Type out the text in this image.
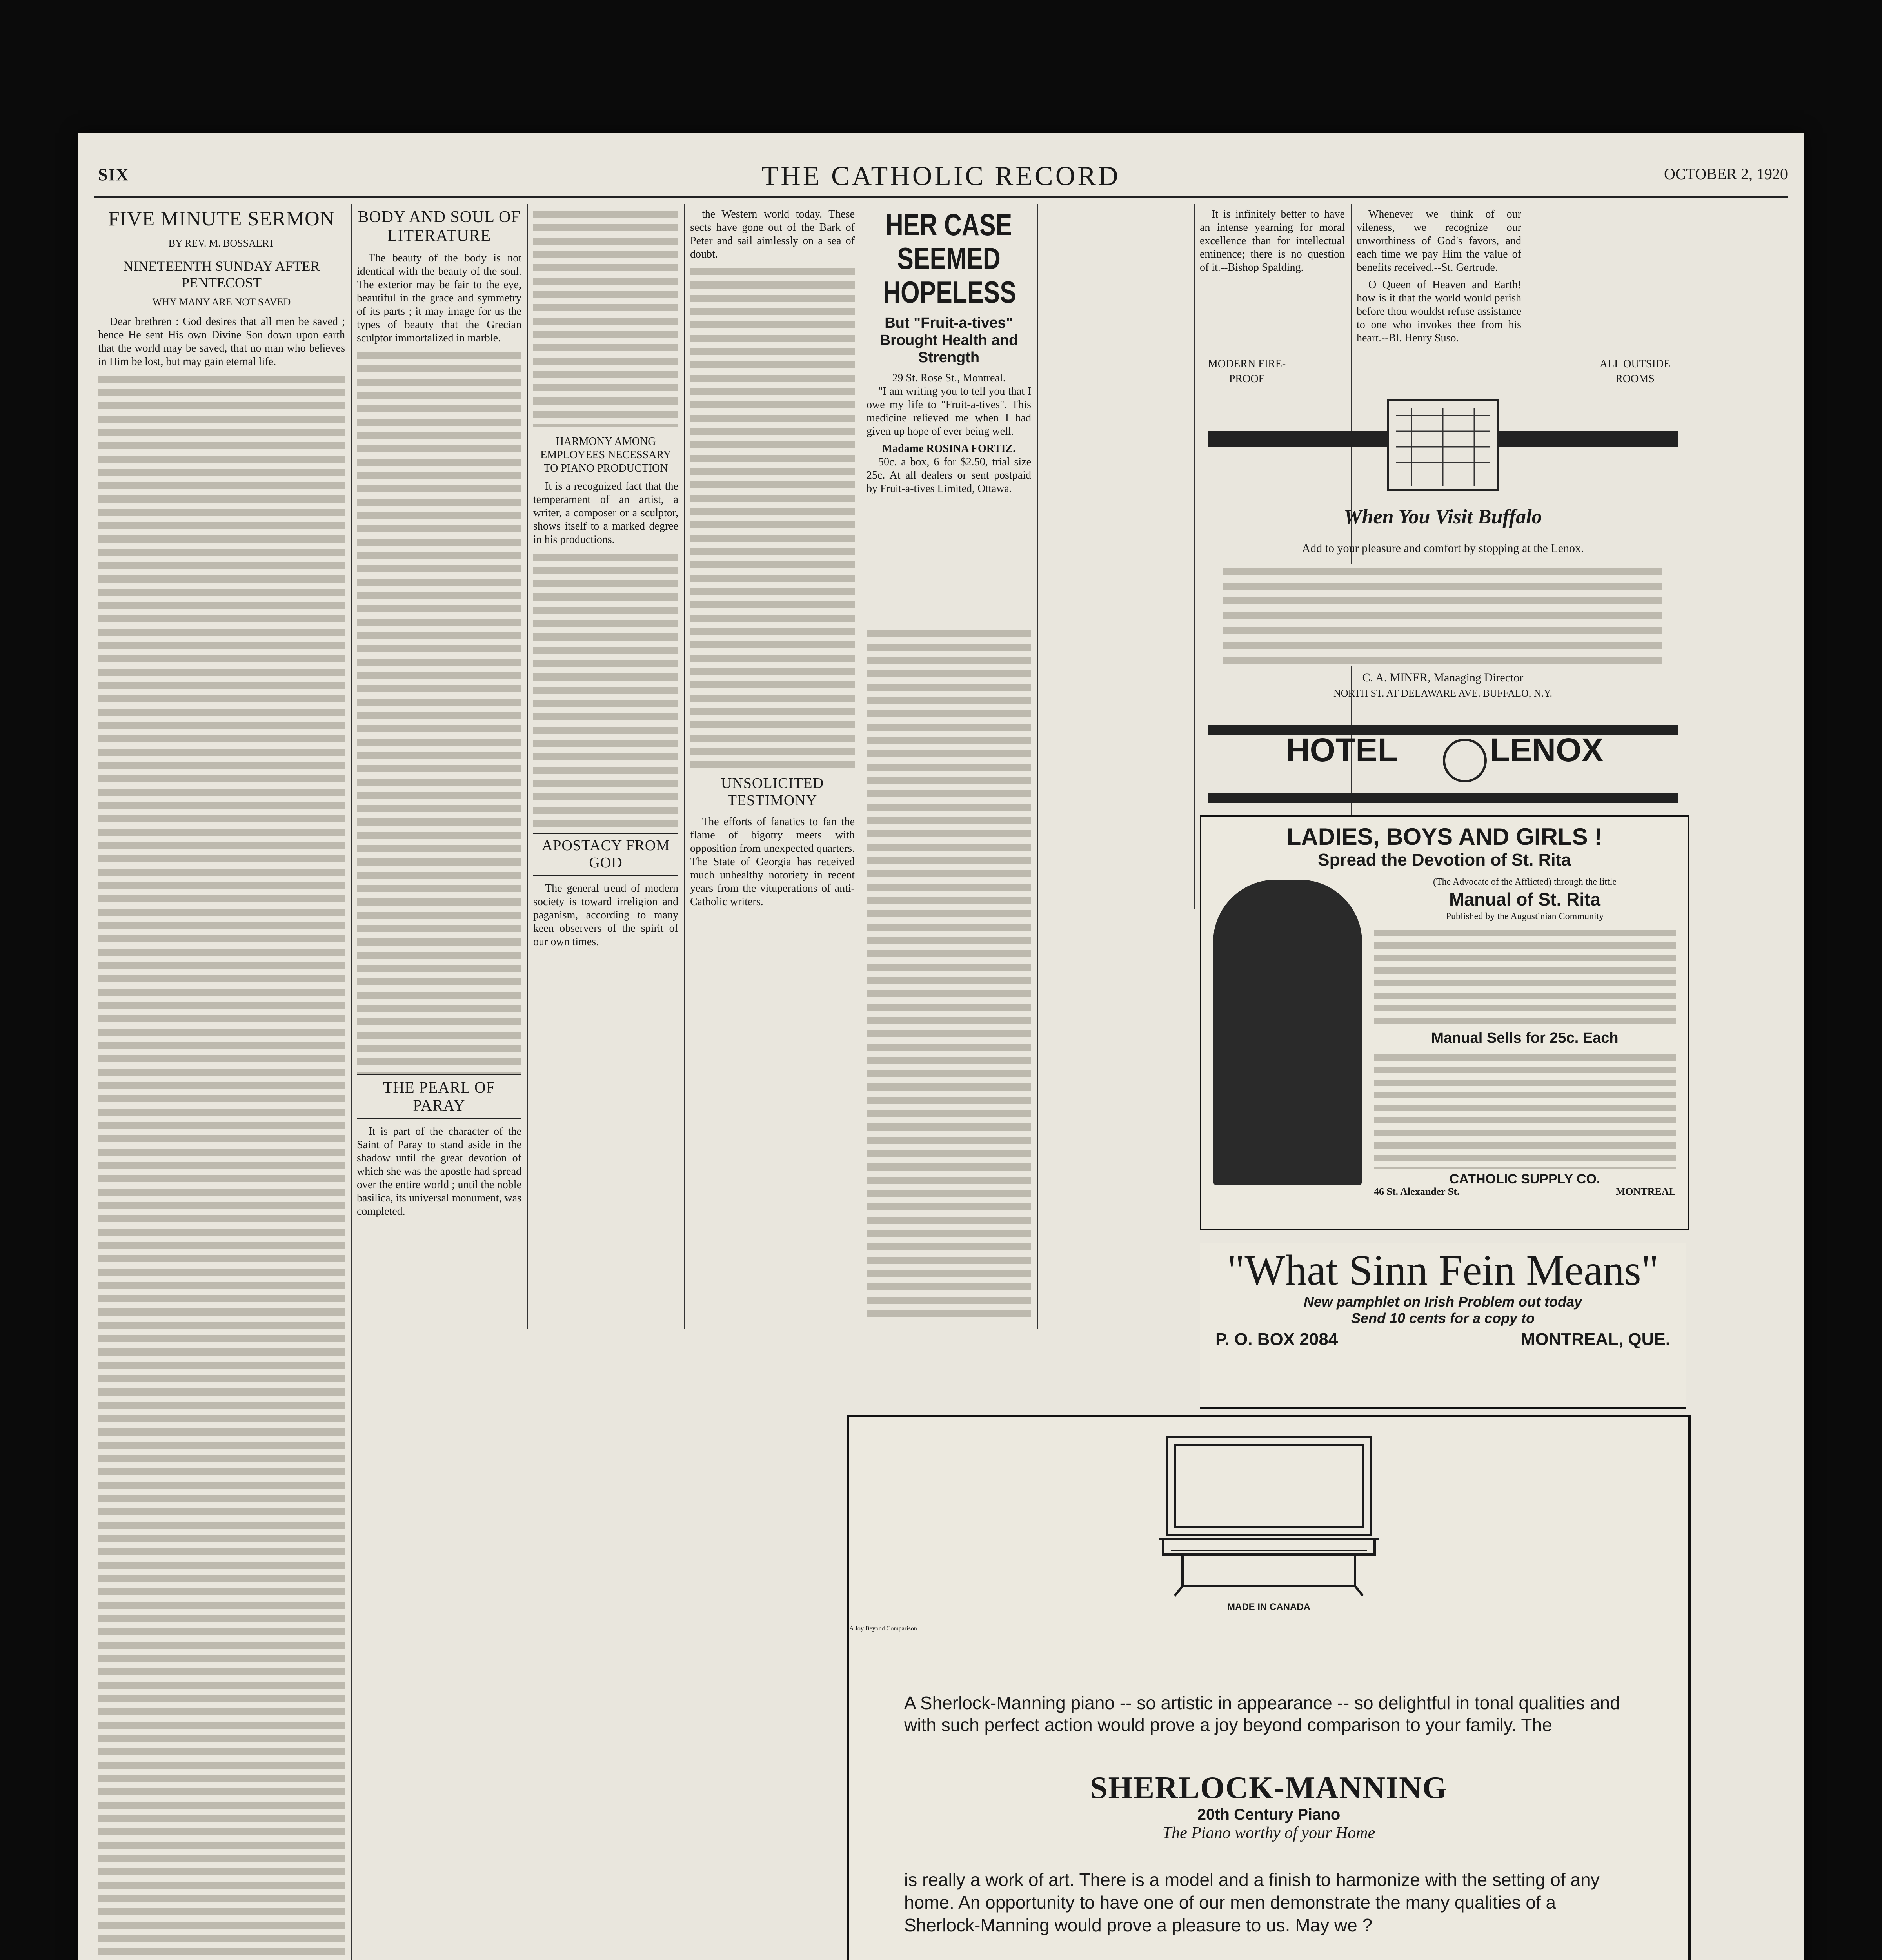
SIX	THE CATHOLIC RECORD	OCTOBER 2, 1920
FIVE MINUTE SERMON
BY REV. M. BOSSAERT
NINETEENTH SUNDAY AFTER PENTECOST
WHY MANY ARE NOT SAVED

Dear brethren : God desires that all men be saved ; hence He sent His own Divine Son down upon earth that the world may be saved, that no man who believes in Him be lost, but may gain eternal life.

BODY AND SOUL OF LITERATURE

The beauty of the body is not identical with the beauty of the soul. The exterior may be fair to the eye, beautiful in the grace and symmetry of its parts ; it may image for us the types of beauty that the Grecian sculptor immortalized in marble.

THE PEARL OF PARAY

It is part of the character of the Saint of Paray to stand aside in the shadow until the great devotion of which she was the apostle had spread over the entire world ; until the noble basilica, its universal monument, was completed.

HARMONY AMONG EMPLOYEES NECESSARY TO PIANO PRODUCTION

It is a recognized fact that the temperament of an artist, a writer, a composer or a sculptor, shows itself to a marked degree in his productions.

APOSTACY FROM GOD

The general trend of modern society is toward irreligion and paganism, according to many keen observers of the spirit of our own times.

the Western world today. These sects have gone out of the Bark of Peter and sail aimlessly on a sea of doubt.

UNSOLICITED TESTIMONY

The efforts of fanatics to fan the flame of bigotry meets with opposition from unexpected quarters. The State of Georgia has received much unhealthy notoriety in recent years from the vituperations of anti-Catholic writers.

HER CASE SEEMED HOPELESS
But "Fruit-a-tives" Brought Health and Strength
29 St. Rose St., Montreal.

"I am writing you to tell you that I owe my life to "Fruit-a-tives". This medicine relieved me when I had given up hope of ever being well.

Madame ROSINA FORTIZ.

50c. a box, 6 for $2.50, trial size 25c. At all dealers or sent postpaid by Fruit-a-tives Limited, Ottawa.

It is infinitely better to have an intense yearning for moral excellence than for intellectual eminence; there is no question of it.--Bishop Spalding.

Whenever we think of our vileness, we recognize our unworthiness of God's favors, and each time we pay Him the value of benefits received.--St. Gertrude.

O Queen of Heaven and Earth! how is it that the world would perish before thou wouldst refuse assistance to one who invokes thee from his heart.--Bl. Henry Suso.

MODERN FIRE-PROOF
ALL OUTSIDE ROOMS
When You Visit Buffalo
Add to your pleasure and comfort by stopping at the Lenox.
C. A. MINER, Managing Director
NORTH ST. AT DELAWARE AVE. BUFFALO, N.Y.
HOTEL	LENOX
LADIES, BOYS AND GIRLS !
Spread the Devotion of St. Rita
(The Advocate of the Afflicted) through the little
Manual of St. Rita
Published by the Augustinian Community
Manual Sells for 25c. Each
CATHOLIC SUPPLY CO.
46 St. Alexander St.	MONTREAL
"What Sinn Fein Means"
New pamphlet on Irish Problem out today
Send 10 cents for a copy to
P. O. BOX 2084	MONTREAL, QUE.
MADE IN CANADA
A Joy Beyond Comparison
A Sherlock-Manning piano -- so artistic in appearance -- so delightful in tonal qualities and with such perfect action would prove a joy beyond comparison to your family. The
SHERLOCK-MANNING
20th Century Piano
The Piano worthy of your Home
is really a work of art. There is a model and a finish to harmonize with the setting of any home. An opportunity to have one of our men demonstrate the many qualities of a Sherlock-Manning would prove a pleasure to us. May we ?
